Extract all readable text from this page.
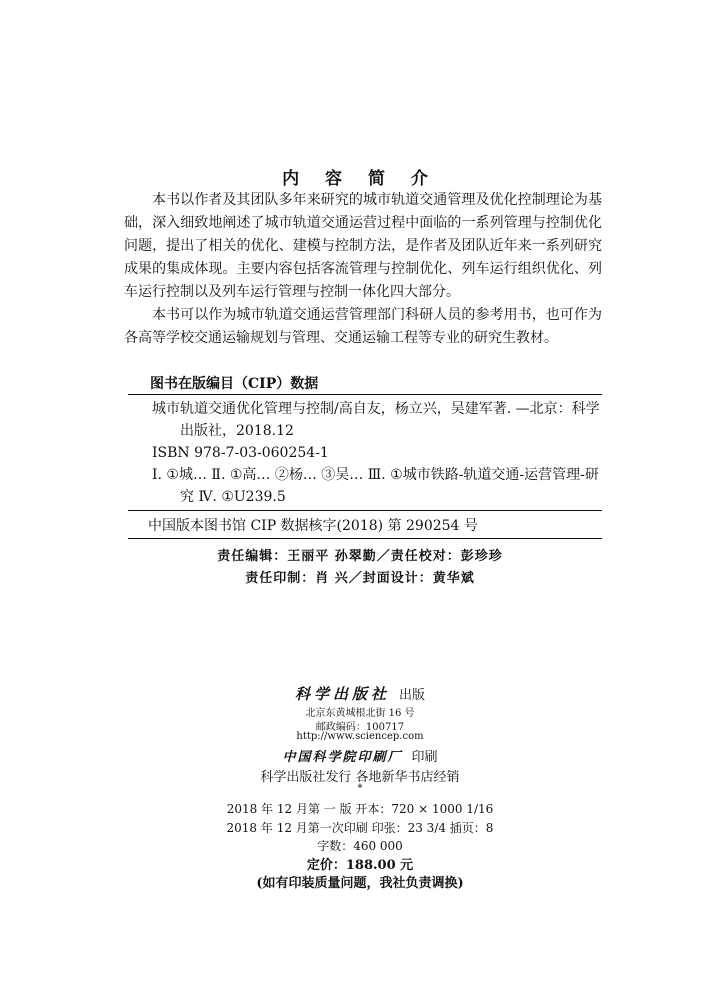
内 容 简 介

本书以作者及其团队多年来研究的城市轨道交通管理及优化控制理论为基础，深入细致地阐述了城市轨道交通运营过程中面临的一系列管理与控制优化问题，提出了相关的优化、建模与控制方法，是作者及团队近年来一系列研究成果的集成体现。主要内容包括客流管理与控制优化、列车运行组织优化、列车运行控制以及列车运行管理与控制一体化四大部分。

本书可以作为城市轨道交通运营管理部门科研人员的参考用书，也可作为各高等学校交通运输规划与管理、交通运输工程等专业的研究生教材。

图书在版编目（CIP）数据

城市轨道交通优化管理与控制/高自友，杨立兴，吴建军著. —北京：科学出版社，2018.12

ISBN 978-7-03-060254-1

Ⅰ. ①城… Ⅱ. ①高… ②杨… ③吴… Ⅲ. ①城市铁路-轨道交通-运营管理-研究 Ⅳ. ①U239.5

中国版本图书馆 CIP 数据核字(2018) 第 290254 号
责任编辑：王丽平 孙翠勤／责任校对：彭珍珍
责任印制：肖 兴／封面设计：黄华斌
科学出版社 出版
北京东黄城根北街 16 号
邮政编码：100717
http://www.sciencep.com
中国科学院印刷厂 印刷
科学出版社发行 各地新华书店经销
*
2018 年 12 月第 一 版 开本：720 × 1000 1/16
2018 年 12 月第一次印刷 印张：23 3/4 插页：8
字数：460 000
定价：188.00 元
(如有印装质量问题，我社负责调换)
